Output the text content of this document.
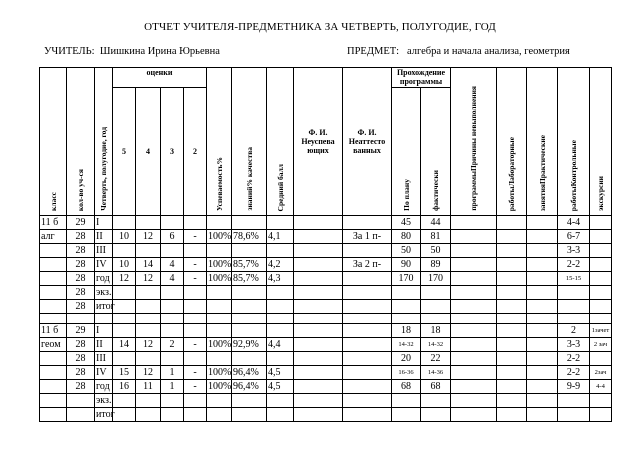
ОТЧЕТ УЧИТЕЛЯ-ПРЕДМЕТНИКА ЗА ЧЕТВЕРТЬ, ПОЛУГОДИЕ, ГОД
УЧИТЕЛЬ: Шишкина Ирина Юрьевна	ПРЕДМЕТ: алгебра и начала анализа, геометрия
класс	кол-во уч-ся	Четверть, полугодие, год	оценки				Успеваемость%	знаний% качества	Средний балл	Ф. И. Неуспева ющих	Ф. И. Неаттесто ванных	Прохождение программы		программыПричины невыполнения	работыЛабораторные	занятияПрактические	работыКонтрольные	экскурсии
			5	4	3	2						По плану	фактически					
11 б	29	I										45	44				4-4	
алг	28	II	10	12	6	-	100%	78,6%	4,1		За 1 п-	80	81				6-7	
	28	III										50	50				3-3	
	28	IV	10	14	4	-	100%	85,7%	4,2		За 2 п-	90	89				2-2	
	28	год	12	12	4	-	100%	85,7%	4,3			170	170				15-15	
	28	экз.																
	28	итог																

11 б	29	I										18	18				2	1зачет
геом	28	II	14	12	2	-	100%	92,9%	4,4			14-32	14-32				3-3	2 зач
	28	III										20	22				2-2	
	28	IV	15	12	1	-	100%	96,4%	4,5			16-36	14-36				2-2	2зач
	28	год	16	11	1	-	100%	96,4%	4,5			68	68				9-9	4-4
		экз.																
		итог																
